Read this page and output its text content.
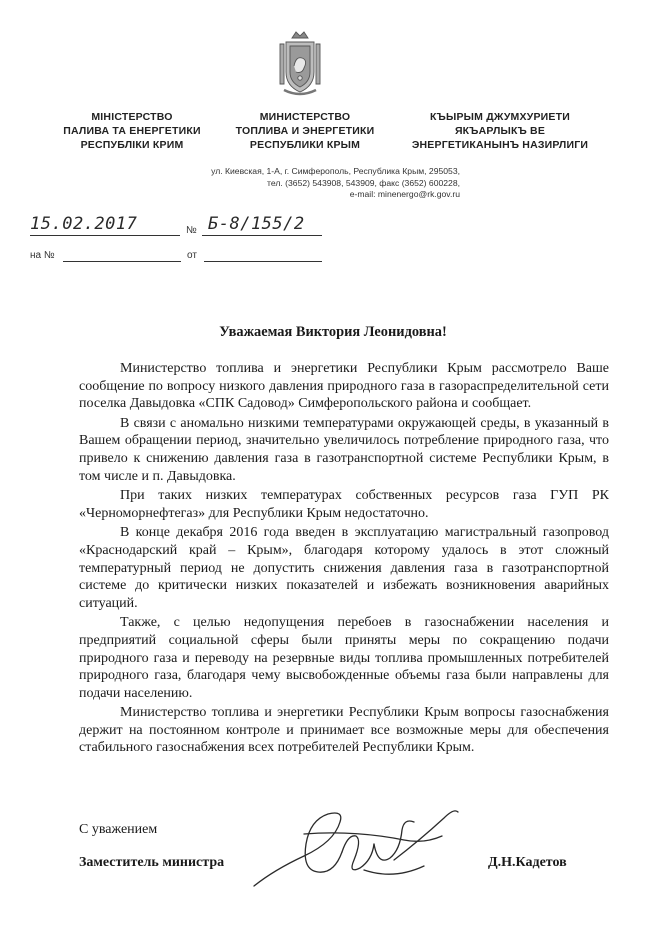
МІНІСТЕРСТВО
ПАЛИВА ТА ЕНЕРГЕТИКИ
РЕСПУБЛІКИ КРИМ
МИНИСТЕРСТВО
ТОПЛИВА И ЭНЕРГЕТИКИ
РЕСПУБЛИКИ КРЫМ
КЪЫРЫМ ДЖУМХУРИЕТИ
ЯКЪАРЛЫКЪ ВЕ
ЭНЕРГЕТИКАНЫНЪ НАЗИРЛИГИ
ул. Киевская, 1-А, г. Симферополь, Республика Крым, 295053,
тел. (3652) 543908, 543909, факс (3652) 600228,
e-mail: minenergo@rk.gov.ru
15.02.2017	№ Б-8/155/2
на №	от
Уважаемая Виктория Леонидовна!

Министерство топлива и энергетики Республики Крым рассмотрело Ваше сообщение по вопросу низкого давления природного газа в газораспределительной сети поселка Давыдовка «СПК Садовод» Симферопольского района и сообщает.

В связи с аномально низкими температурами окружающей среды, в указанный в Вашем обращении период, значительно увеличилось потребление природного газа, что привело к снижению давления газа в газотранспортной системе Республики Крым, в том числе и п. Давыдовка.

При таких низких температурах собственных ресурсов газа ГУП РК «Черноморнефтегаз» для Республики Крым недостаточно.

В конце декабря 2016 года введен в эксплуатацию магистральный газопровод «Краснодарский край – Крым», благодаря которому удалось в этот сложный температурный период не допустить снижения давления газа в газотранспортной системе до критически низких показателей и избежать возникновения аварийных ситуаций.

Также, с целью недопущения перебоев в газоснабжении населения и предприятий социальной сферы были приняты меры по сокращению подачи природного газа и переводу на резервные виды топлива промышленных потребителей природного газа, благодаря чему высвобожденные объемы газа были направлены для подачи населению.

Министерство топлива и энергетики Республики Крым вопросы газоснабжения держит на постоянном контроле и принимает все возможные меры для обеспечения стабильного газоснабжения всех потребителей Республики Крым.

С уважением
Заместитель министра	Д.Н.Кадетов
